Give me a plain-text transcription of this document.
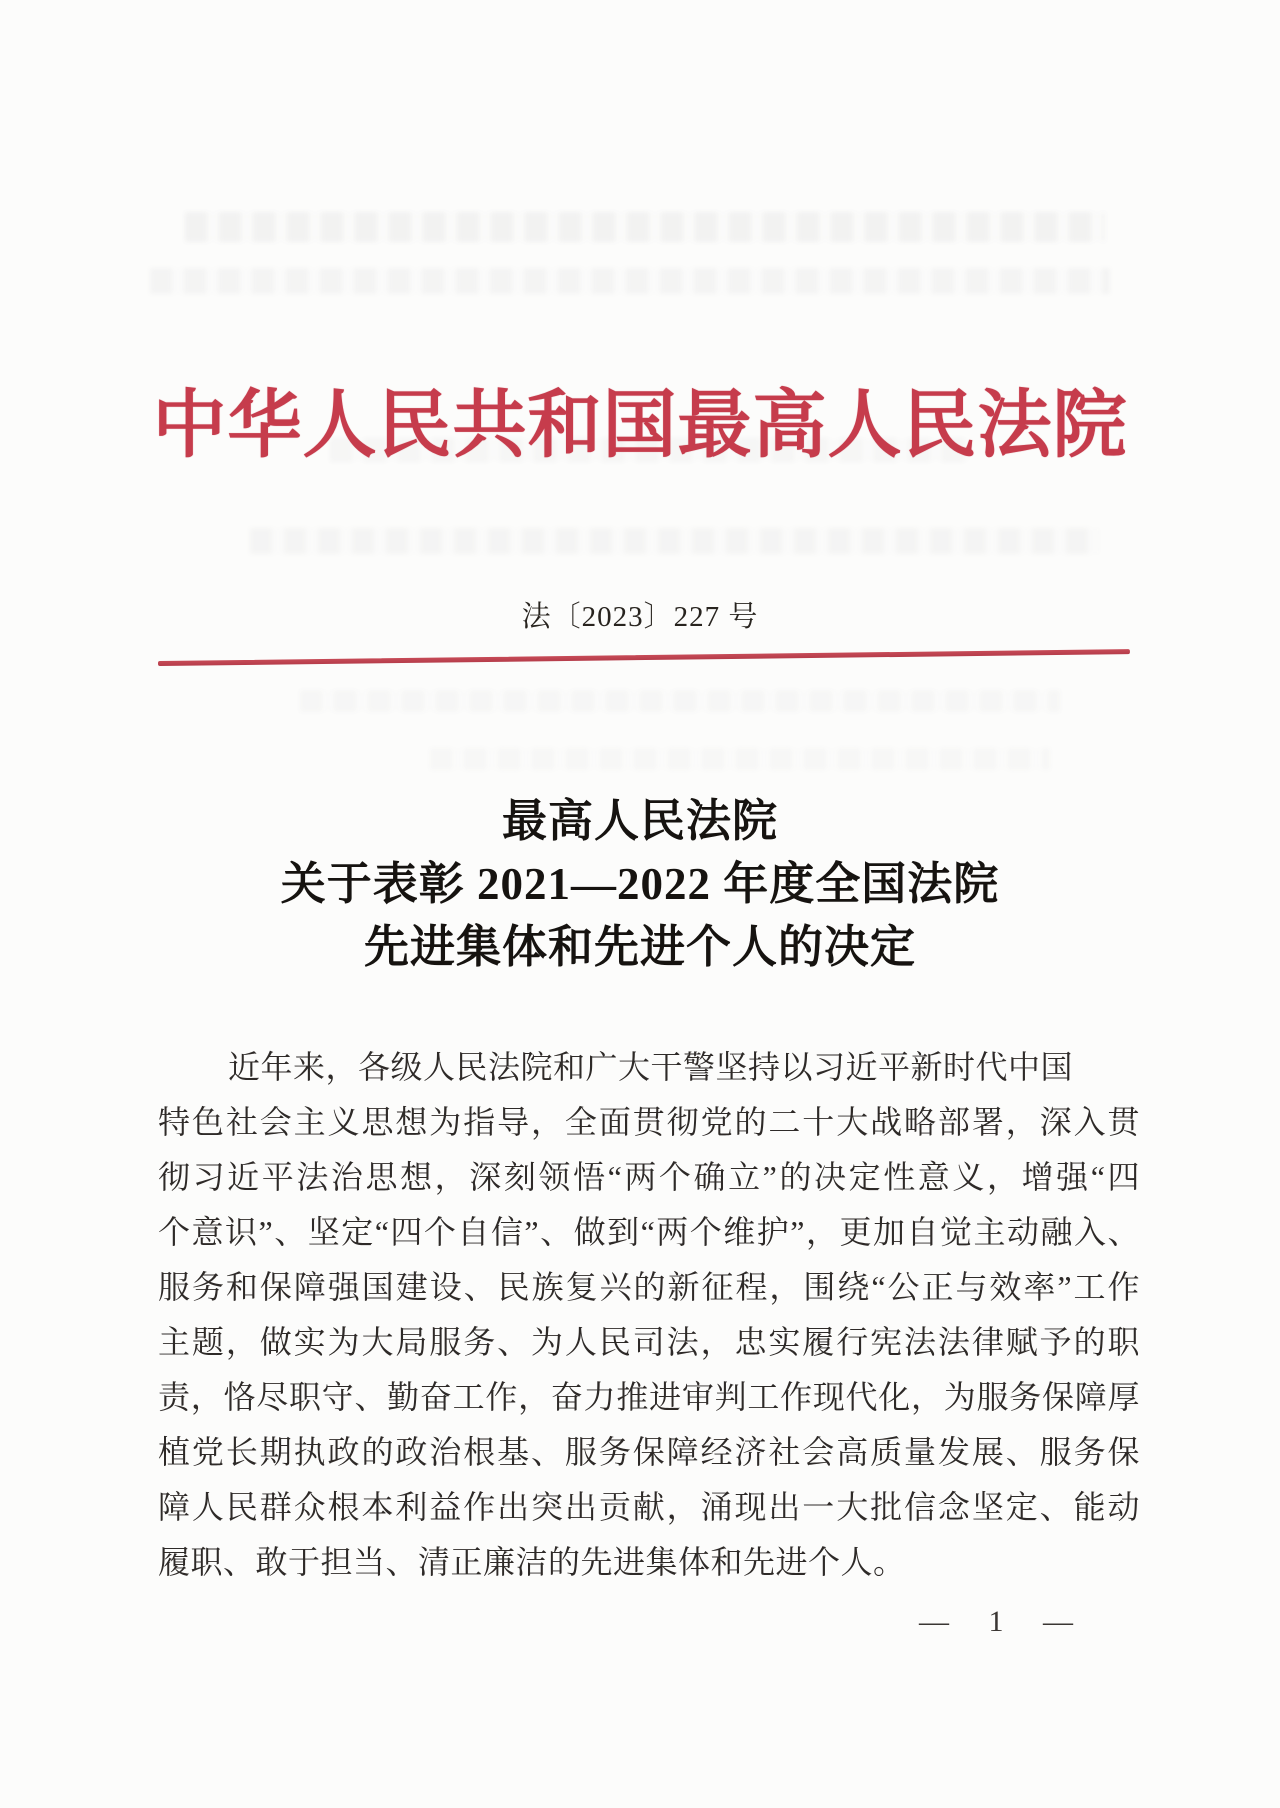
中华人民共和国最高人民法院
法〔2023〕227 号
最高人民法院
关于表彰 2021—2022 年度全国法院
先进集体和先进个人的决定
近年来，各级人民法院和广大干警坚持以习近平新时代中国
特色社会主义思想为指导，全面贯彻党的二十大战略部署，深入贯
彻习近平法治思想，深刻领悟“两个确立”的决定性意义，增强“四
个意识”、坚定“四个自信”、做到“两个维护”，更加自觉主动融入、
服务和保障强国建设、民族复兴的新征程，围绕“公正与效率”工作
主题，做实为大局服务、为人民司法，忠实履行宪法法律赋予的职
责，恪尽职守、勤奋工作，奋力推进审判工作现代化，为服务保障厚
植党长期执政的政治根基、服务保障经济社会高质量发展、服务保
障人民群众根本利益作出突出贡献，涌现出一大批信念坚定、能动
履职、敢于担当、清正廉洁的先进集体和先进个人。
— 1 —
